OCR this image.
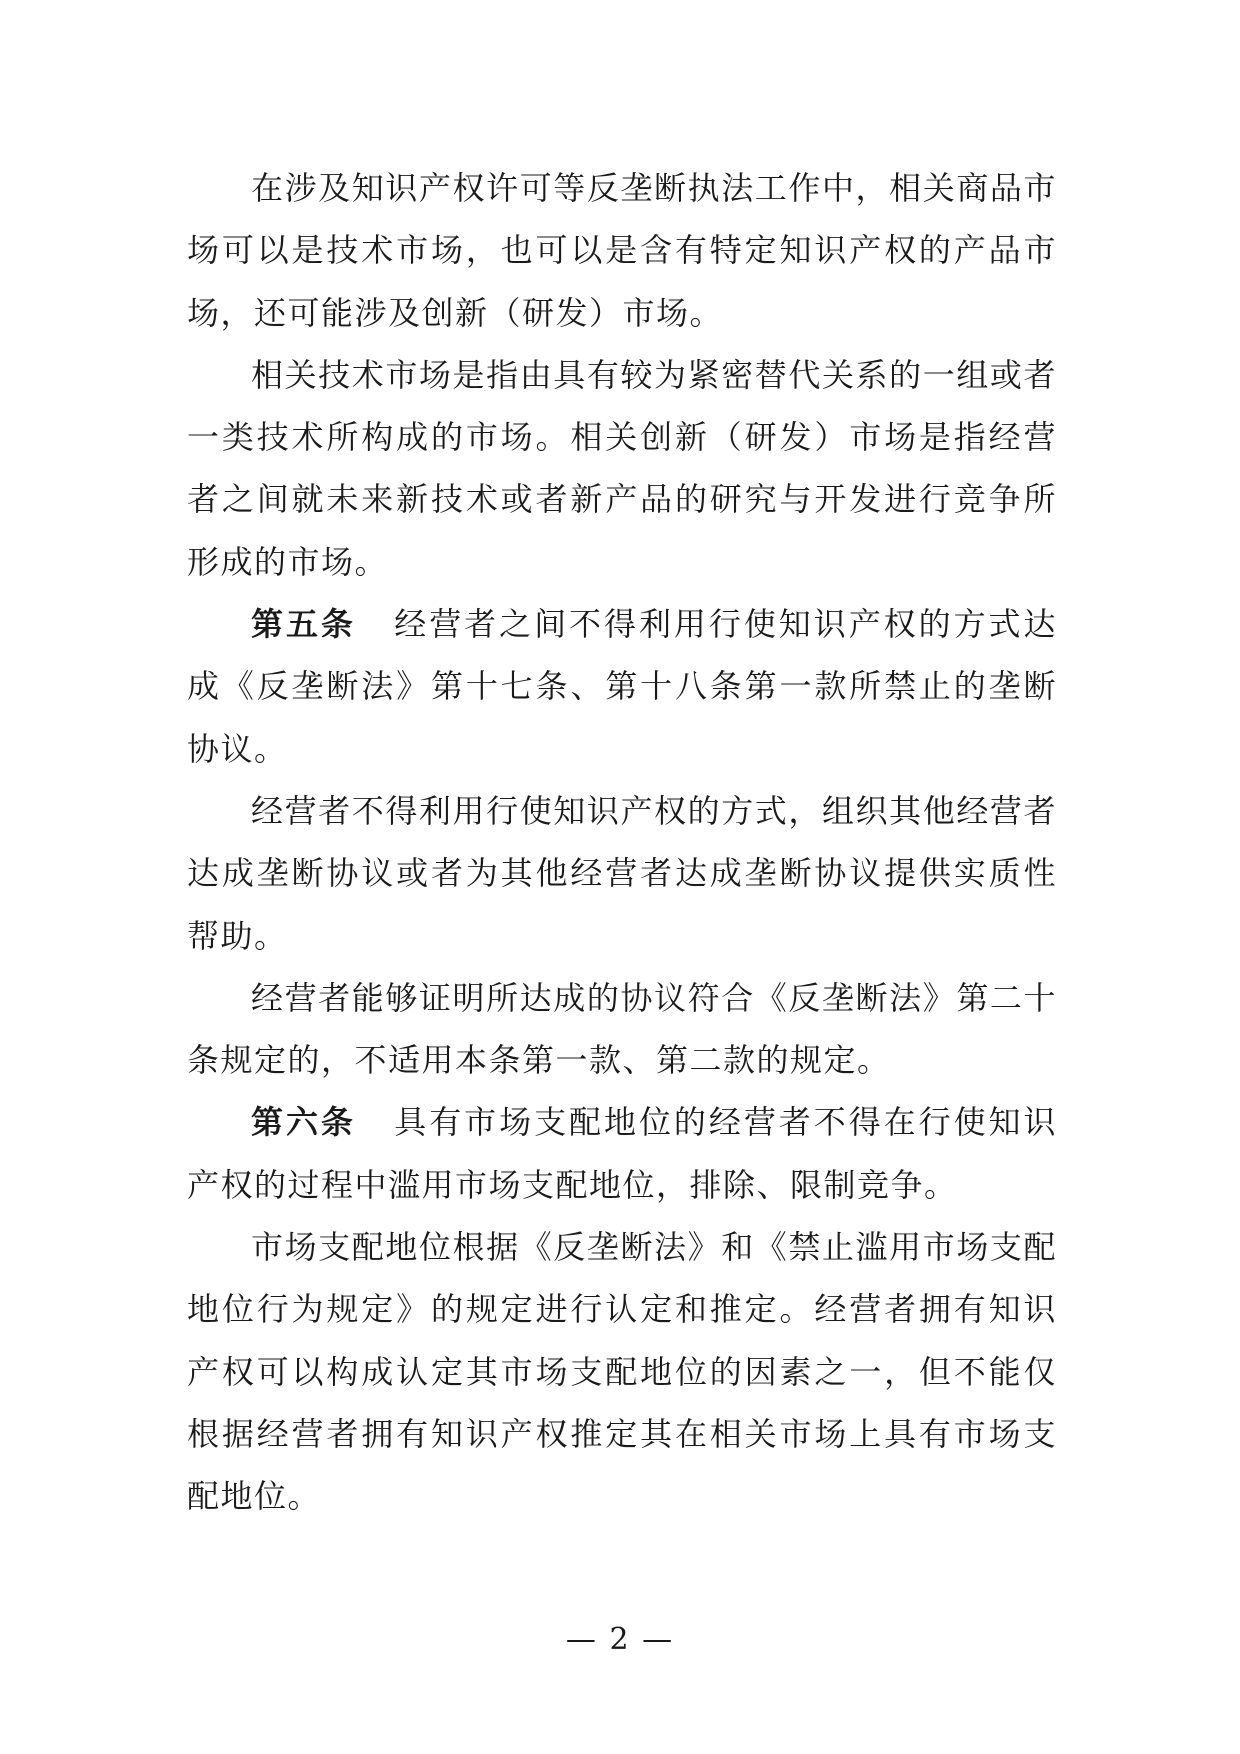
在涉及知识产权许可等反垄断执法工作中，相关商品市场可以是技术市场，也可以是含有特定知识产权的产品市场，还可能涉及创新（研发）市场。

相关技术市场是指由具有较为紧密替代关系的一组或者一类技术所构成的市场。相关创新（研发）市场是指经营者之间就未来新技术或者新产品的研究与开发进行竞争所形成的市场。

第五条 经营者之间不得利用行使知识产权的方式达成《反垄断法》第十七条、第十八条第一款所禁止的垄断协议。

经营者不得利用行使知识产权的方式，组织其他经营者达成垄断协议或者为其他经营者达成垄断协议提供实质性帮助。

经营者能够证明所达成的协议符合《反垄断法》第二十条规定的，不适用本条第一款、第二款的规定。

第六条 具有市场支配地位的经营者不得在行使知识产权的过程中滥用市场支配地位，排除、限制竞争。

市场支配地位根据《反垄断法》和《禁止滥用市场支配地位行为规定》的规定进行认定和推定。经营者拥有知识产权可以构成认定其市场支配地位的因素之一，但不能仅根据经营者拥有知识产权推定其在相关市场上具有市场支配地位。

— 2 —
